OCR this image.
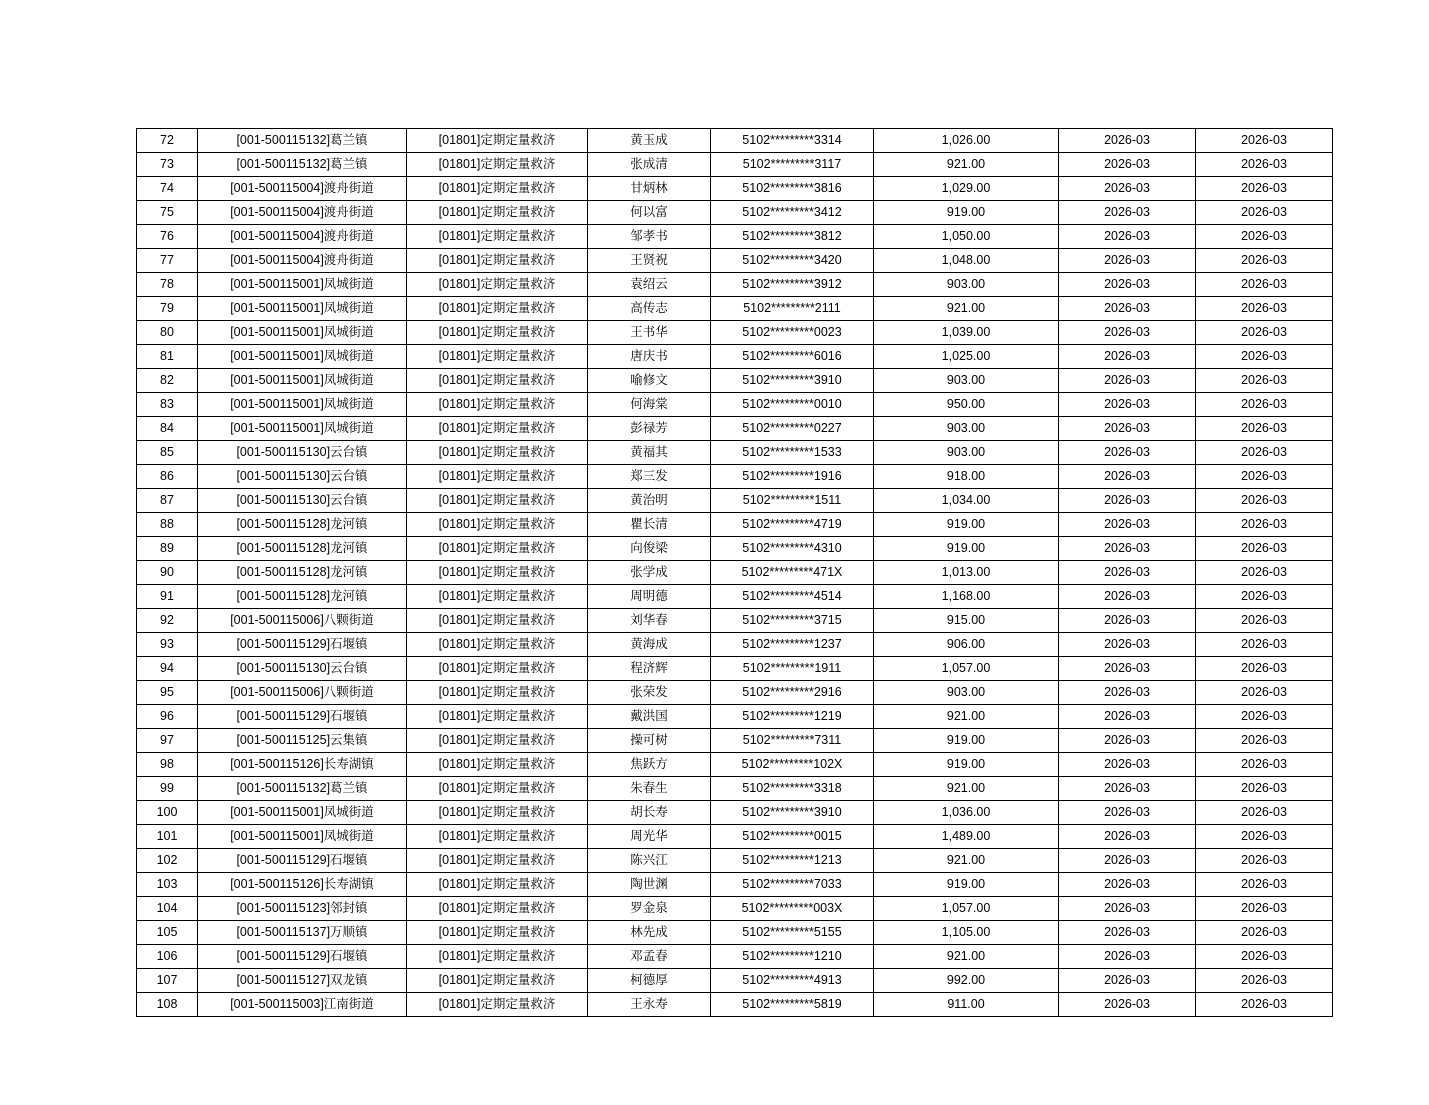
72	[001-500115132]葛兰镇	[01801]定期定量救济	黄玉成	5102*********3314	1,026.00	2026-03	2026-03
73	[001-500115132]葛兰镇	[01801]定期定量救济	张成清	5102*********3117	921.00	2026-03	2026-03
74	[001-500115004]渡舟街道	[01801]定期定量救济	甘炳林	5102*********3816	1,029.00	2026-03	2026-03
75	[001-500115004]渡舟街道	[01801]定期定量救济	何以富	5102*********3412	919.00	2026-03	2026-03
76	[001-500115004]渡舟街道	[01801]定期定量救济	邹孝书	5102*********3812	1,050.00	2026-03	2026-03
77	[001-500115004]渡舟街道	[01801]定期定量救济	王贤祝	5102*********3420	1,048.00	2026-03	2026-03
78	[001-500115001]凤城街道	[01801]定期定量救济	袁绍云	5102*********3912	903.00	2026-03	2026-03
79	[001-500115001]凤城街道	[01801]定期定量救济	高传志	5102*********2111	921.00	2026-03	2026-03
80	[001-500115001]凤城街道	[01801]定期定量救济	王书华	5102*********0023	1,039.00	2026-03	2026-03
81	[001-500115001]凤城街道	[01801]定期定量救济	唐庆书	5102*********6016	1,025.00	2026-03	2026-03
82	[001-500115001]凤城街道	[01801]定期定量救济	喻修文	5102*********3910	903.00	2026-03	2026-03
83	[001-500115001]凤城街道	[01801]定期定量救济	何海棠	5102*********0010	950.00	2026-03	2026-03
84	[001-500115001]凤城街道	[01801]定期定量救济	彭禄芳	5102*********0227	903.00	2026-03	2026-03
85	[001-500115130]云台镇	[01801]定期定量救济	黄福其	5102*********1533	903.00	2026-03	2026-03
86	[001-500115130]云台镇	[01801]定期定量救济	郑三发	5102*********1916	918.00	2026-03	2026-03
87	[001-500115130]云台镇	[01801]定期定量救济	黄治明	5102*********1511	1,034.00	2026-03	2026-03
88	[001-500115128]龙河镇	[01801]定期定量救济	瞿长清	5102*********4719	919.00	2026-03	2026-03
89	[001-500115128]龙河镇	[01801]定期定量救济	向俊梁	5102*********4310	919.00	2026-03	2026-03
90	[001-500115128]龙河镇	[01801]定期定量救济	张学成	5102*********471X	1,013.00	2026-03	2026-03
91	[001-500115128]龙河镇	[01801]定期定量救济	周明德	5102*********4514	1,168.00	2026-03	2026-03
92	[001-500115006]八颗街道	[01801]定期定量救济	刘华春	5102*********3715	915.00	2026-03	2026-03
93	[001-500115129]石堰镇	[01801]定期定量救济	黄海成	5102*********1237	906.00	2026-03	2026-03
94	[001-500115130]云台镇	[01801]定期定量救济	程济辉	5102*********1911	1,057.00	2026-03	2026-03
95	[001-500115006]八颗街道	[01801]定期定量救济	张荣发	5102*********2916	903.00	2026-03	2026-03
96	[001-500115129]石堰镇	[01801]定期定量救济	戴洪国	5102*********1219	921.00	2026-03	2026-03
97	[001-500115125]云集镇	[01801]定期定量救济	操可树	5102*********7311	919.00	2026-03	2026-03
98	[001-500115126]长寿湖镇	[01801]定期定量救济	焦跃方	5102*********102X	919.00	2026-03	2026-03
99	[001-500115132]葛兰镇	[01801]定期定量救济	朱春生	5102*********3318	921.00	2026-03	2026-03
100	[001-500115001]凤城街道	[01801]定期定量救济	胡长寿	5102*********3910	1,036.00	2026-03	2026-03
101	[001-500115001]凤城街道	[01801]定期定量救济	周光华	5102*********0015	1,489.00	2026-03	2026-03
102	[001-500115129]石堰镇	[01801]定期定量救济	陈兴江	5102*********1213	921.00	2026-03	2026-03
103	[001-500115126]长寿湖镇	[01801]定期定量救济	陶世渊	5102*********7033	919.00	2026-03	2026-03
104	[001-500115123]邻封镇	[01801]定期定量救济	罗金泉	5102*********003X	1,057.00	2026-03	2026-03
105	[001-500115137]万顺镇	[01801]定期定量救济	林先成	5102*********5155	1,105.00	2026-03	2026-03
106	[001-500115129]石堰镇	[01801]定期定量救济	邓孟春	5102*********1210	921.00	2026-03	2026-03
107	[001-500115127]双龙镇	[01801]定期定量救济	柯德厚	5102*********4913	992.00	2026-03	2026-03
108	[001-500115003]江南街道	[01801]定期定量救济	王永寿	5102*********5819	911.00	2026-03	2026-03
